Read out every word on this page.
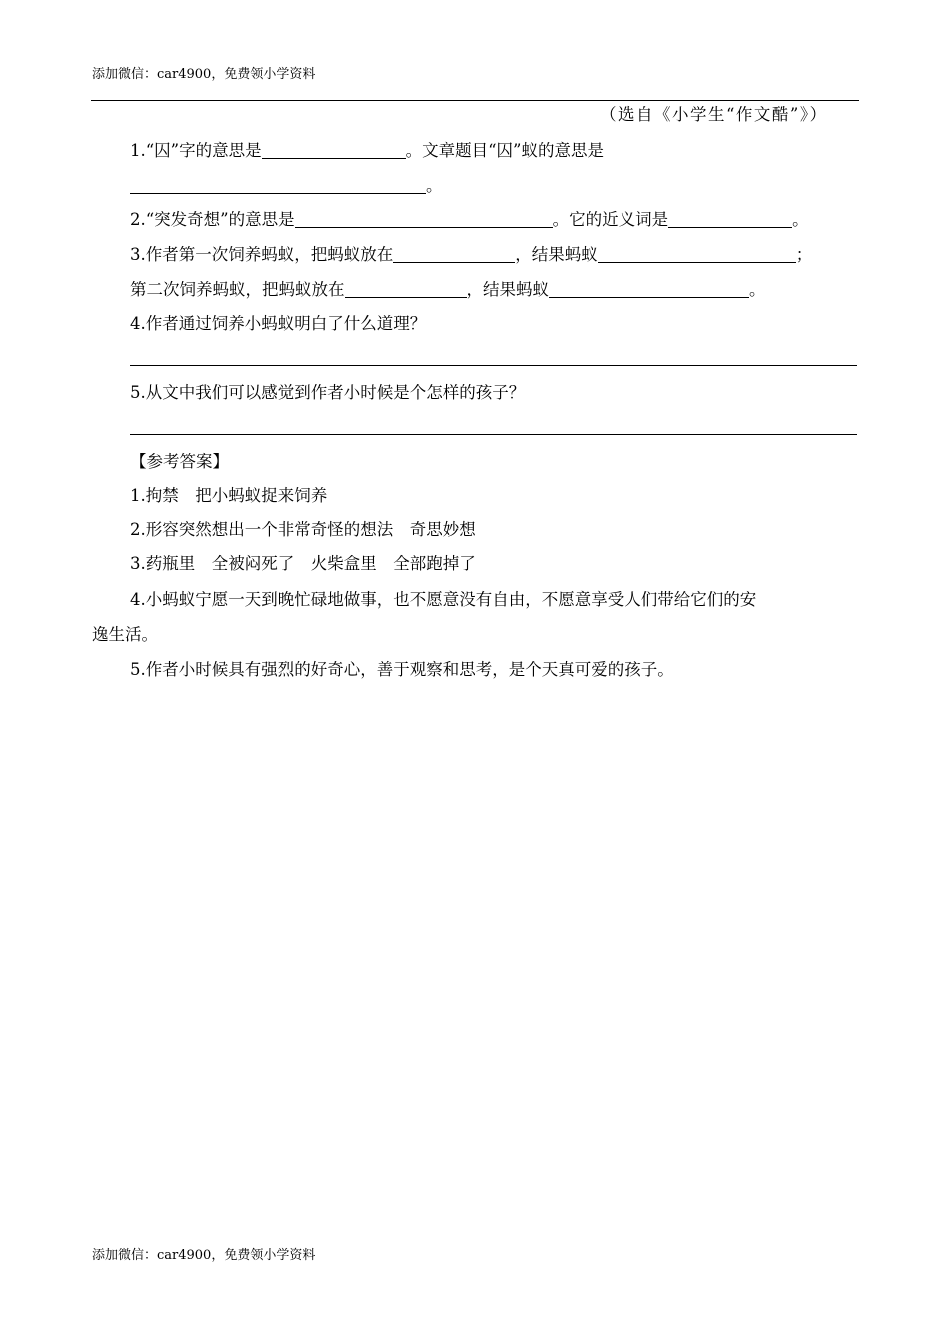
添加微信：car4900，免费领小学资料
（选自《小学生“作文酷”》）
1.“囚”字的意思是	。文章题目“囚”蚁的意思是
。
2.“突发奇想”的意思是	。它的近义词是	。
3.作者第一次饲养蚂蚁，把蚂蚁放在	，结果蚂蚁	；
第二次饲养蚂蚁，把蚂蚁放在	，结果蚂蚁	。
4.作者通过饲养小蚂蚁明白了什么道理？
5.从文中我们可以感觉到作者小时候是个怎样的孩子？
【参考答案】
1.拘禁　把小蚂蚁捉来饲养
2.形容突然想出一个非常奇怪的想法　奇思妙想
3.药瓶里　全被闷死了　火柴盒里　全部跑掉了
4.小蚂蚁宁愿一天到晚忙碌地做事，也不愿意没有自由，不愿意享受人们带给它们的安
逸生活。
5.作者小时候具有强烈的好奇心，善于观察和思考，是个天真可爱的孩子。
添加微信：car4900，免费领小学资料
